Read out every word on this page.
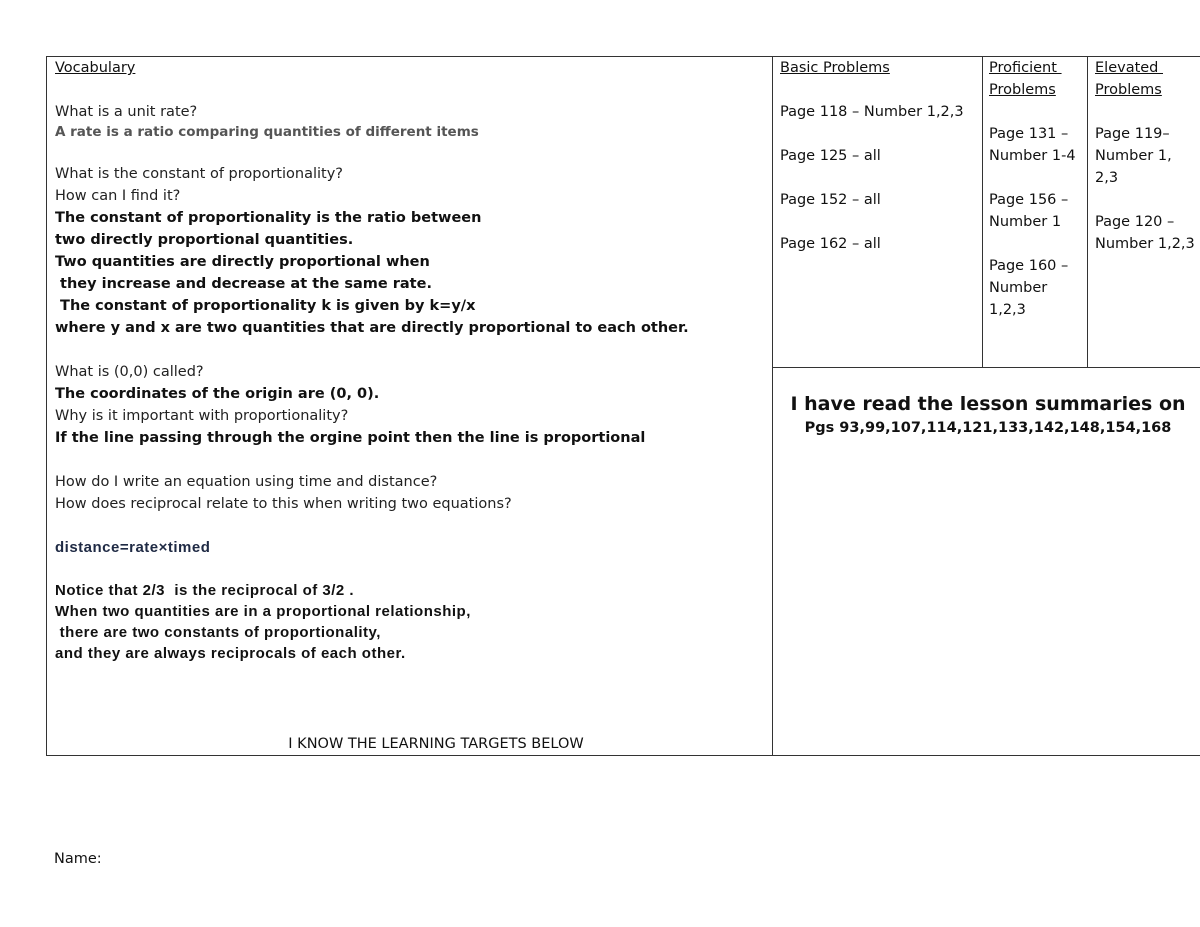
Vocabulary

What is a unit rate?
A rate is a ratio comparing quantities of different items

What is the constant of proportionality?
How can I find it?
The constant of proportionality is the ratio between
two directly proportional quantities.
Two quantities are directly proportional when
they increase and decrease at the same rate.
The constant of proportionality k is given by k=y/x
where y and x are two quantities that are directly proportional to each other.

What is (0,0) called?
The coordinates of the origin are (0, 0).
Why is it important with proportionality?
If the line passing through the orgine point then the line is proportional

How do I write an equation using time and distance?
How does reciprocal relate to this when writing two equations?

distance=rate×timed

Notice that 2/3  is the reciprocal of 3/2 .
When two quantities are in a proportional relationship,
there are two constants of proportionality,
and they are always reciprocals of each other.
I KNOW THE LEARNING TARGETS BELOW
Basic Problems

Page 118 – Number 1,2,3

Page 125 – all

Page 152 – all

Page 162 – all
Proficient
Problems

Page 131 –
Number 1-4

Page 156 –
Number 1

Page 160 –
Number
1,2,3
Elevated
Problems

Page 119–
Number 1,
2,3

Page 120 –
Number 1,2,3
I have read the lesson summaries on
Pgs 93,99,107,114,121,133,142,148,154,168
Name:
